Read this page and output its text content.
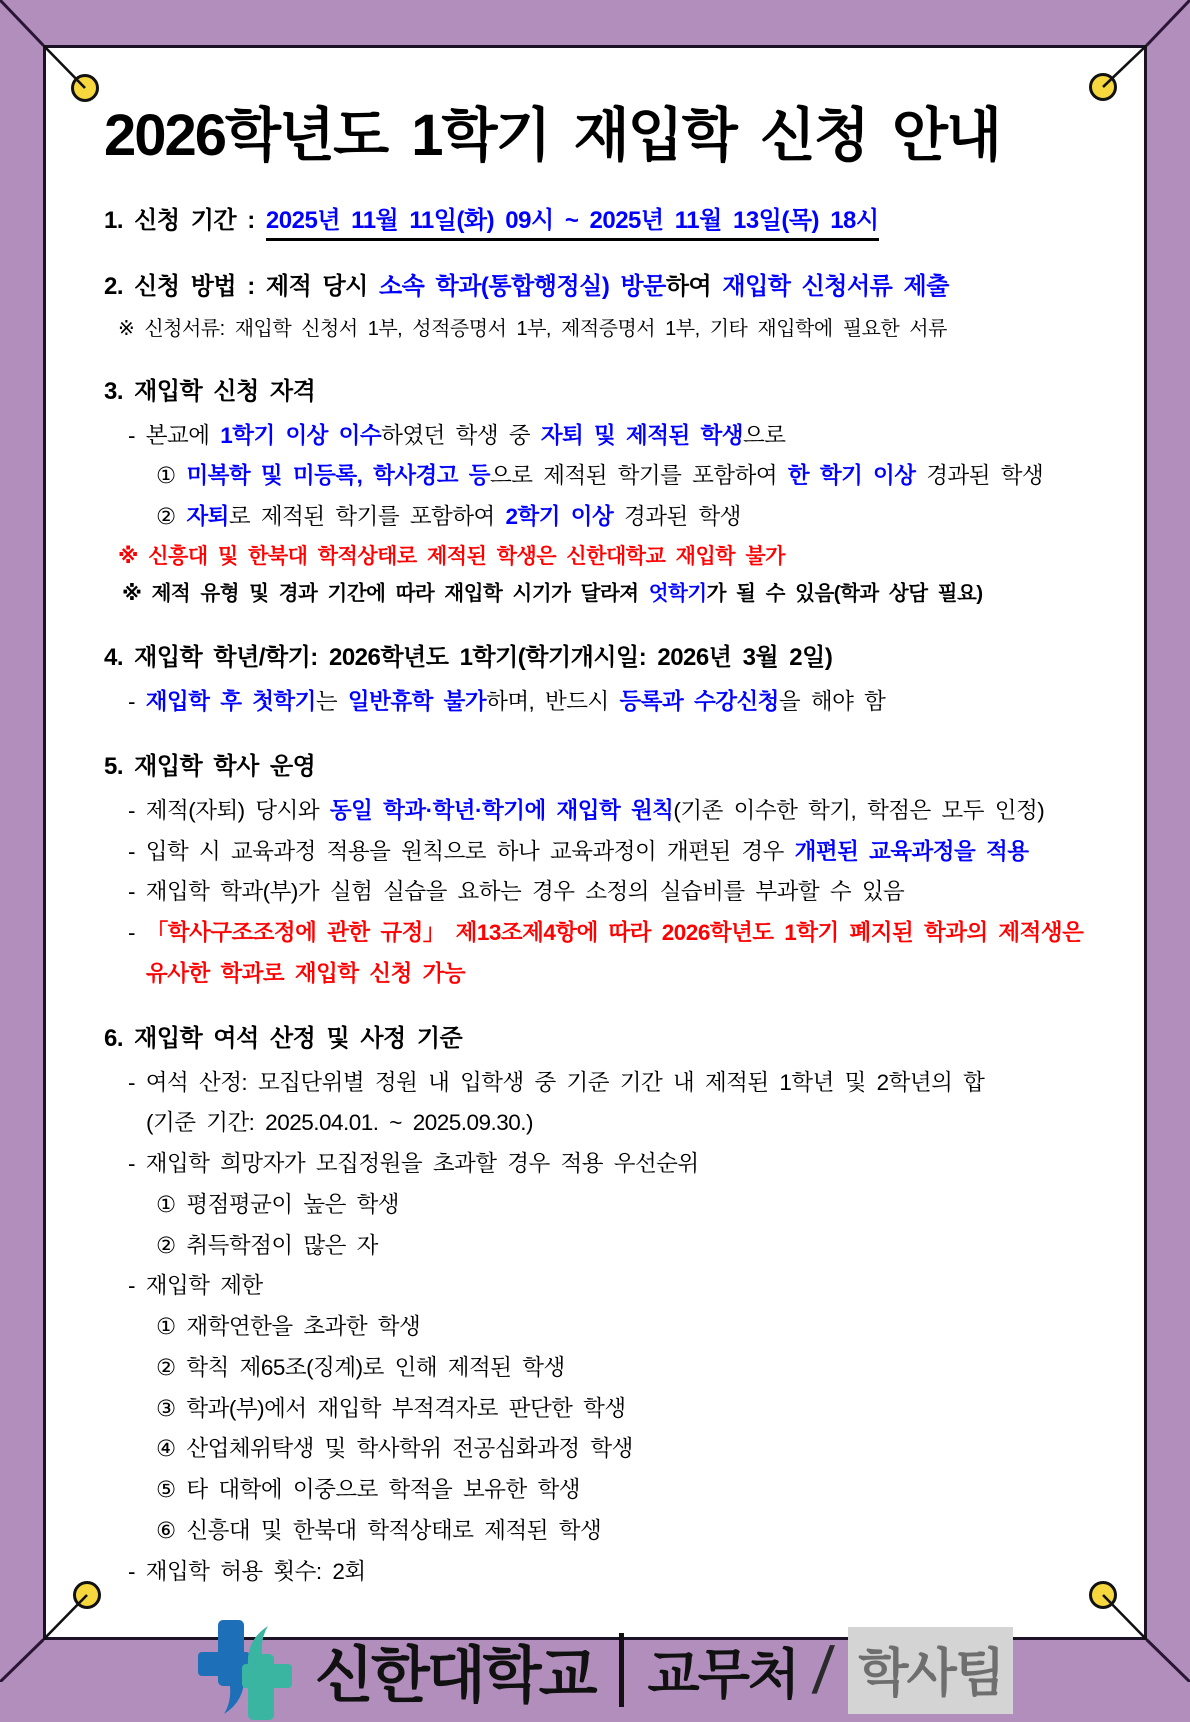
2026학년도 1학기 재입학 신청 안내
1. 신청 기간 : 2025년 11월 11일(화) 09시 ~ 2025년 11월 13일(목) 18시
2. 신청 방법 : 제적 당시 소속 학과(통합행정실) 방문하여 재입학 신청서류 제출
※ 신청서류: 재입학 신청서 1부, 성적증명서 1부, 제적증명서 1부, 기타 재입학에 필요한 서류
3. 재입학 신청 자격
- 본교에 1학기 이상 이수하였던 학생 중 자퇴 및 제적된 학생으로
① 미복학 및 미등록, 학사경고 등으로 제적된 학기를 포함하여 한 학기 이상 경과된 학생
② 자퇴로 제적된 학기를 포함하여 2학기 이상 경과된 학생
※ 신흥대 및 한북대 학적상태로 제적된 학생은 신한대학교 재입학 불가
※ 제적 유형 및 경과 기간에 따라 재입학 시기가 달라져 엇학기가 될 수 있음(학과 상담 필요)
4. 재입학 학년/학기: 2026학년도 1학기(학기개시일: 2026년 3월 2일)
- 재입학 후 첫학기는 일반휴학 불가하며, 반드시 등록과 수강신청을 해야 함
5. 재입학 학사 운영
- 제적(자퇴) 당시와 동일 학과·학년·학기에 재입학 원칙(기존 이수한 학기, 학점은 모두 인정)
- 입학 시 교육과정 적용을 원칙으로 하나 교육과정이 개편된 경우 개편된 교육과정을 적용
- 재입학 학과(부)가 실험 실습을 요하는 경우 소정의 실습비를 부과할 수 있음
- 「학사구조조정에 관한 규정」 제13조제4항에 따라 2026학년도 1학기 폐지된 학과의 제적생은
유사한 학과로 재입학 신청 가능
6. 재입학 여석 산정 및 사정 기준
- 여석 산정: 모집단위별 정원 내 입학생 중 기준 기간 내 제적된 1학년 및 2학년의 합
(기준 기간: 2025.04.01. ~ 2025.09.30.)
- 재입학 희망자가 모집정원을 초과할 경우 적용 우선순위
① 평점평균이 높은 학생
② 취득학점이 많은 자
- 재입학 제한
① 재학연한을 초과한 학생
② 학칙 제65조(징계)로 인해 제적된 학생
③ 학과(부)에서 재입학 부적격자로 판단한 학생
④ 산업체위탁생 및 학사학위 전공심화과정 학생
⑤ 타 대학에 이중으로 학적을 보유한 학생
⑥ 신흥대 및 한북대 학적상태로 제적된 학생
- 재입학 허용 횟수: 2회
신한대학교 교무처 / 학사팀
